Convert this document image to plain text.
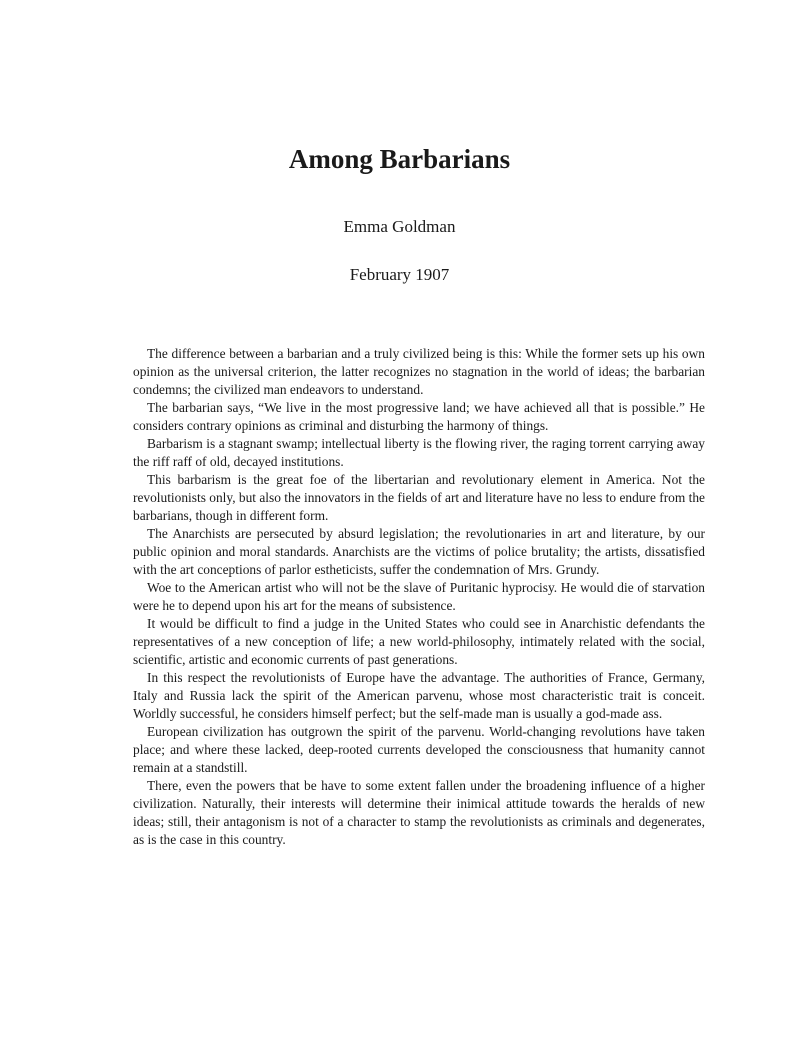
Among Barbarians
Emma Goldman
February 1907

The difference between a barbarian and a truly civilized being is this: While the former sets up his own opinion as the universal criterion, the latter recognizes no stagnation in the world of ideas; the barbarian condemns; the civilized man endeavors to understand.

The barbarian says, “We live in the most progressive land; we have achieved all that is possible.” He considers contrary opinions as criminal and disturbing the harmony of things.

Barbarism is a stagnant swamp; intellectual liberty is the flowing river, the raging torrent carrying away the riff raff of old, decayed institutions.

This barbarism is the great foe of the libertarian and revolutionary element in America. Not the revolutionists only, but also the innovators in the fields of art and literature have no less to endure from the barbarians, though in different form.

The Anarchists are persecuted by absurd legislation; the revolutionaries in art and literature, by our public opinion and moral standards. Anarchists are the victims of police brutality; the artists, dissatisfied with the art conceptions of parlor estheticists, suffer the condemnation of Mrs. Grundy.

Woe to the American artist who will not be the slave of Puritanic hyprocisy. He would die of starvation were he to depend upon his art for the means of subsistence.

It would be difficult to find a judge in the United States who could see in Anarchistic defendants the representatives of a new conception of life; a new world-philosophy, intimately related with the social, scientific, artistic and economic currents of past generations.

In this respect the revolutionists of Europe have the advantage. The authorities of France, Germany, Italy and Russia lack the spirit of the American parvenu, whose most characteristic trait is conceit. Worldly successful, he considers himself perfect; but the self-made man is usually a god-made ass.

European civilization has outgrown the spirit of the parvenu. World-changing revolutions have taken place; and where these lacked, deep-rooted currents developed the consciousness that humanity cannot remain at a standstill.

There, even the powers that be have to some extent fallen under the broadening influence of a higher civilization. Naturally, their interests will determine their inimical attitude towards the heralds of new ideas; still, their antagonism is not of a character to stamp the revolutionists as criminals and degenerates, as is the case in this country.
